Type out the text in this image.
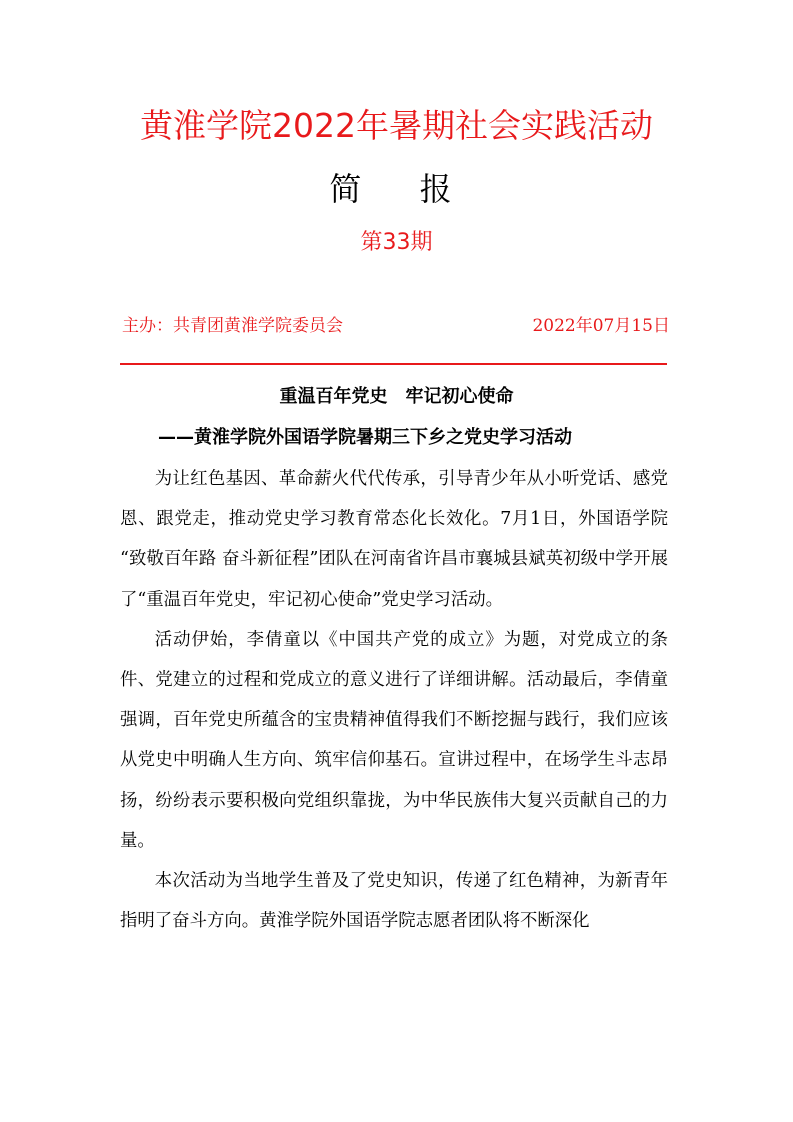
黄淮学院2022年暑期社会实践活动
简 报
第33期
主办：共青团黄淮学院委员会	2022年07月15日
重温百年党史　牢记初心使命
——黄淮学院外国语学院暑期三下乡之党史学习活动

为让红色基因、革命薪火代代传承，引导青少年从小听党话、感党恩、跟党走，推动党史学习教育常态化长效化。7月1日，外国语学院 “致敬百年路 奋斗新征程”团队在河南省许昌市襄城县斌英初级中学开展了“重温百年党史，牢记初心使命”党史学习活动。

活动伊始，李倩童以《中国共产党的成立》为题，对党成立的条件、党建立的过程和党成立的意义进行了详细讲解。活动最后，李倩童强调，百年党史所蕴含的宝贵精神值得我们不断挖掘与践行，我们应该从党史中明确人生方向、筑牢信仰基石。宣讲过程中，在场学生斗志昂扬，纷纷表示要积极向党组织靠拢，为中华民族伟大复兴贡献自己的力量。

本次活动为当地学生普及了党史知识，传递了红色精神，为新青年指明了奋斗方向。黄淮学院外国语学院志愿者团队将不断深化
